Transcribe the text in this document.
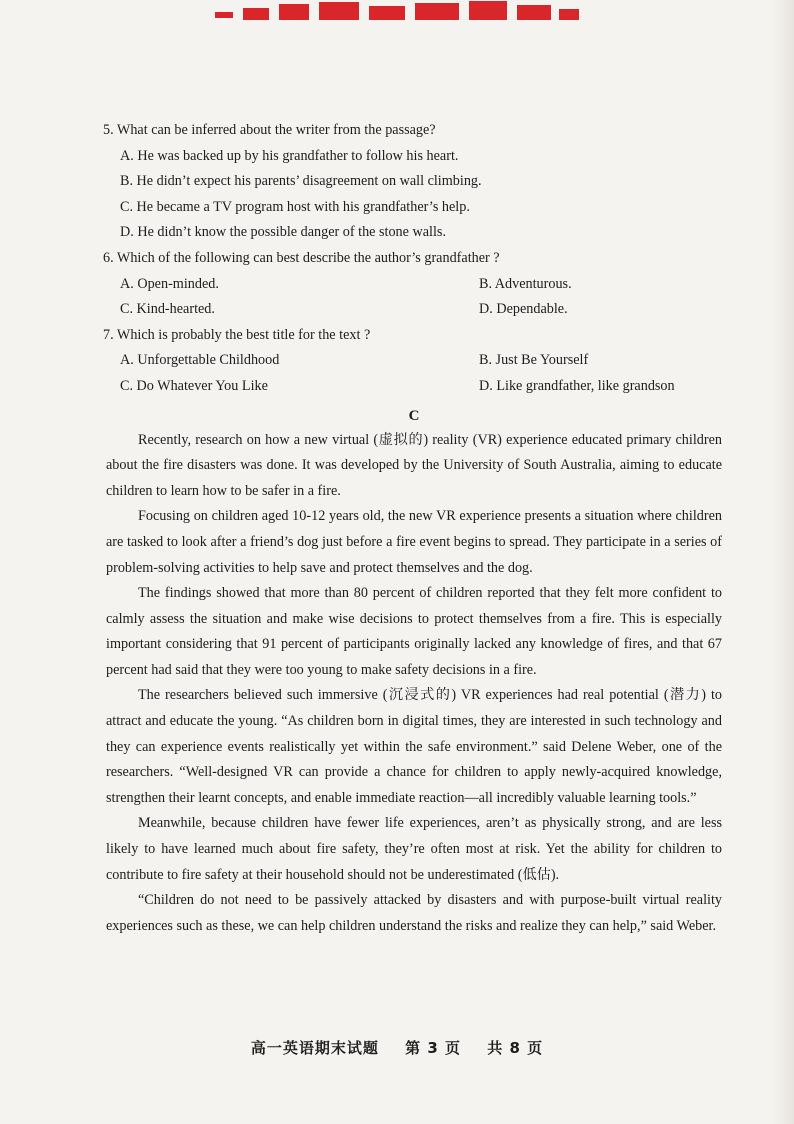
5. What can be inferred about the writer from the passage?
A. He was backed up by his grandfather to follow his heart.
B. He didn’t expect his parents’ disagreement on wall climbing.
C. He became a TV program host with his grandfather’s help.
D. He didn’t know the possible danger of the stone walls.
6. Which of the following can best describe the author’s grandfather ?
A. Open-minded.	B. Adventurous.
C. Kind-hearted.	D. Dependable.
7. Which is probably the best title for the text ?
A. Unforgettable Childhood	B. Just Be Yourself
C. Do Whatever You Like	D. Like grandfather, like grandson
C

Recently, research on how a new virtual (虚拟的) reality (VR) experience educated primary children about the fire disasters was done. It was developed by the University of South Australia, aiming to educate children to learn how to be safer in a fire.

Focusing on children aged 10-12 years old, the new VR experience presents a situation where children are tasked to look after a friend’s dog just before a fire event begins to spread. They participate in a series of problem-solving activities to help save and protect themselves and the dog.

The findings showed that more than 80 percent of children reported that they felt more confident to calmly assess the situation and make wise decisions to protect themselves from a fire. This is especially important considering that 91 percent of participants originally lacked any knowledge of fires, and that 67 percent had said that they were too young to make safety decisions in a fire.

The researchers believed such immersive (沉浸式的) VR experiences had real potential (潜力) to attract and educate the young. “As children born in digital times, they are interested in such technology and they can experience events realistically yet within the safe environment.” said Delene Weber, one of the researchers. “Well-designed VR can provide a chance for children to apply newly-acquired knowledge, strengthen their learnt concepts, and enable immediate reaction—all incredibly valuable learning tools.”

Meanwhile, because children have fewer life experiences, aren’t as physically strong, and are less likely to have learned much about fire safety, they’re often most at risk. Yet the ability for children to contribute to fire safety at their household should not be underestimated (低估).

“Children do not need to be passively attacked by disasters and with purpose-built virtual reality experiences such as these, we can help children understand the risks and realize they can help,” said Weber.

高一英语期末试题 第 3 页 共 8 页
